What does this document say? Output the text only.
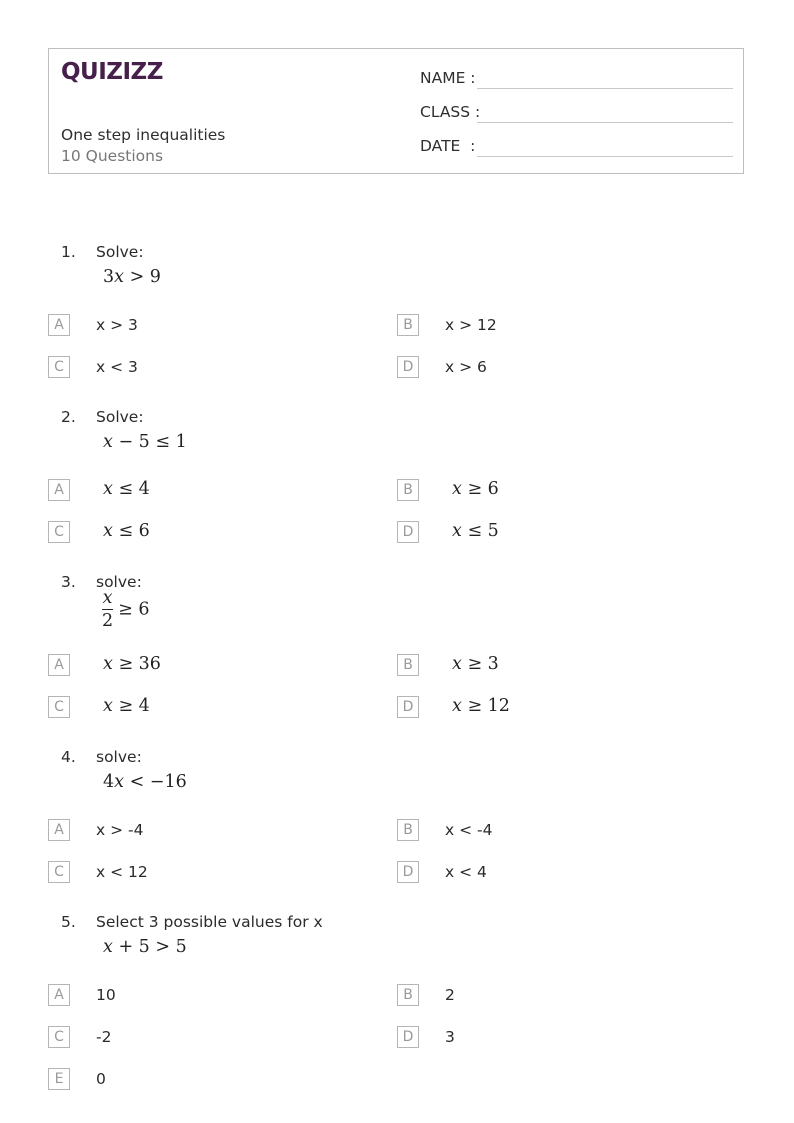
QUIZIZZ
One step inequalities
10 Questions
NAME :
CLASS :
DATE  :
1. Solve:
3x > 9
A	x > 3	B	x > 12
C	x < 3	D	x > 6
2. Solve:
x − 5 ≤ 1
A	x ≤ 4	B	x ≥ 6
C	x ≤ 6	D	x ≤ 5
3. solve:
$\frac{x}{2} \ge 6$
A	x ≥ 36	B	x ≥ 3
C	x ≥ 4	D	x ≥ 12
4. solve:
4x < −16
A	x > -4	B	x < -4
C	x < 12	D	x < 4
5. Select 3 possible values for x
x + 5 > 5
A	10	B	2
C	-2	D	3
E	0
